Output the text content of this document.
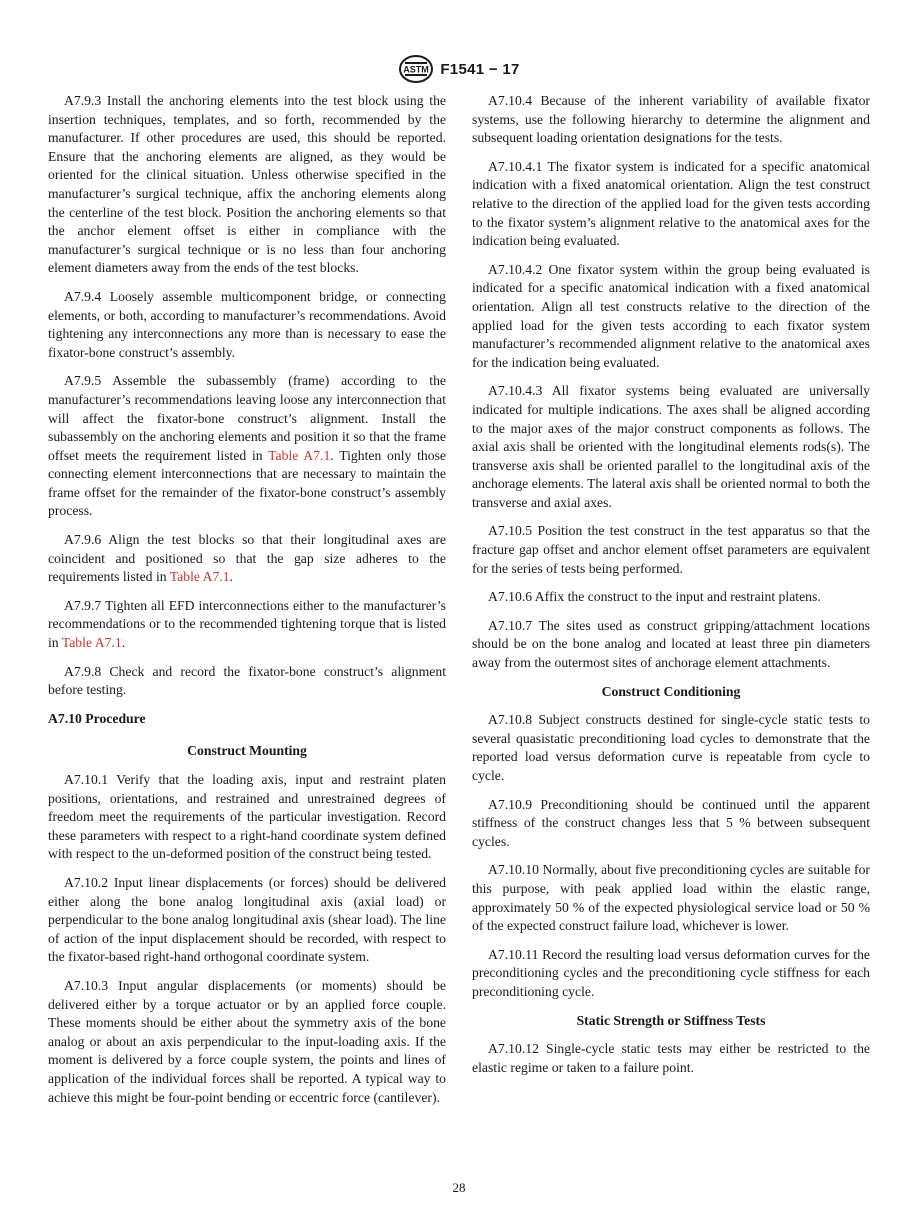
ASTM F1541 − 17

A7.9.3 Install the anchoring elements into the test block using the insertion techniques, templates, and so forth, recommended by the manufacturer. If other procedures are used, this should be reported. Ensure that the anchoring elements are aligned, as they would be oriented for the clinical situation. Unless otherwise specified in the manufacturer’s surgical technique, affix the anchoring elements along the centerline of the test block. Position the anchoring elements so that the anchor element offset is either in compliance with the manufacturer’s surgical technique or is no less than four anchoring element diameters away from the ends of the test blocks.

A7.9.4 Loosely assemble multicomponent bridge, or connecting elements, or both, according to manufacturer’s recommendations. Avoid tightening any interconnections any more than is necessary to ease the fixator-bone construct’s assembly.

A7.9.5 Assemble the subassembly (frame) according to the manufacturer’s recommendations leaving loose any interconnection that will affect the fixator-bone construct’s alignment. Install the subassembly on the anchoring elements and position it so that the frame offset meets the requirement listed in Table A7.1. Tighten only those connecting element interconnections that are necessary to maintain the frame offset for the remainder of the fixator-bone construct’s assembly process.

A7.9.6 Align the test blocks so that their longitudinal axes are coincident and positioned so that the gap size adheres to the requirements listed in Table A7.1.

A7.9.7 Tighten all EFD interconnections either to the manufacturer’s recommendations or to the recommended tightening torque that is listed in Table A7.1.

A7.9.8 Check and record the fixator-bone construct’s alignment before testing.

A7.10 Procedure
Construct Mounting

A7.10.1 Verify that the loading axis, input and restraint platen positions, orientations, and restrained and unrestrained degrees of freedom meet the requirements of the particular investigation. Record these parameters with respect to a right-hand coordinate system defined with respect to the un-deformed position of the construct being tested.

A7.10.2 Input linear displacements (or forces) should be delivered either along the bone analog longitudinal axis (axial load) or perpendicular to the bone analog longitudinal axis (shear load). The line of action of the input displacement should be recorded, with respect to the fixator-based right-hand orthogonal coordinate system.

A7.10.3 Input angular displacements (or moments) should be delivered either by a torque actuator or by an applied force couple. These moments should be either about the symmetry axis of the bone analog or about an axis perpendicular to the input-loading axis. If the moment is delivered by a force couple system, the points and lines of application of the individual forces shall be reported. A typical way to achieve this might be four-point bending or eccentric force (cantilever).

A7.10.4 Because of the inherent variability of available fixator systems, use the following hierarchy to determine the alignment and subsequent loading orientation designations for the tests.

A7.10.4.1 The fixator system is indicated for a specific anatomical indication with a fixed anatomical orientation. Align the test construct relative to the direction of the applied load for the given tests according to the fixator system’s alignment relative to the anatomical axes for the indication being evaluated.

A7.10.4.2 One fixator system within the group being evaluated is indicated for a specific anatomical indication with a fixed anatomical orientation. Align all test constructs relative to the direction of the applied load for the given tests according to each fixator system manufacturer’s recommended alignment relative to the anatomical axes for the indication being evaluated.

A7.10.4.3 All fixator systems being evaluated are universally indicated for multiple indications. The axes shall be aligned according to the major axes of the major construct components as follows. The axial axis shall be oriented with the longitudinal elements rods(s). The transverse axis shall be oriented parallel to the longitudinal axis of the anchorage elements. The lateral axis shall be oriented normal to both the transverse and axial axes.

A7.10.5 Position the test construct in the test apparatus so that the fracture gap offset and anchor element offset parameters are equivalent for the series of tests being performed.

A7.10.6 Affix the construct to the input and restraint platens.

A7.10.7 The sites used as construct gripping/attachment locations should be on the bone analog and located at least three pin diameters away from the outermost sites of anchorage element attachments.

Construct Conditioning

A7.10.8 Subject constructs destined for single-cycle static tests to several quasistatic preconditioning load cycles to demonstrate that the reported load versus deformation curve is repeatable from cycle to cycle.

A7.10.9 Preconditioning should be continued until the apparent stiffness of the construct changes less that 5 % between subsequent cycles.

A7.10.10 Normally, about five preconditioning cycles are suitable for this purpose, with peak applied load within the elastic range, approximately 50 % of the expected physiological service load or 50 % of the expected construct failure load, whichever is lower.

A7.10.11 Record the resulting load versus deformation curves for the preconditioning cycles and the preconditioning cycle stiffness for each preconditioning cycle.

Static Strength or Stiffness Tests

A7.10.12 Single-cycle static tests may either be restricted to the elastic regime or taken to a failure point.

28
